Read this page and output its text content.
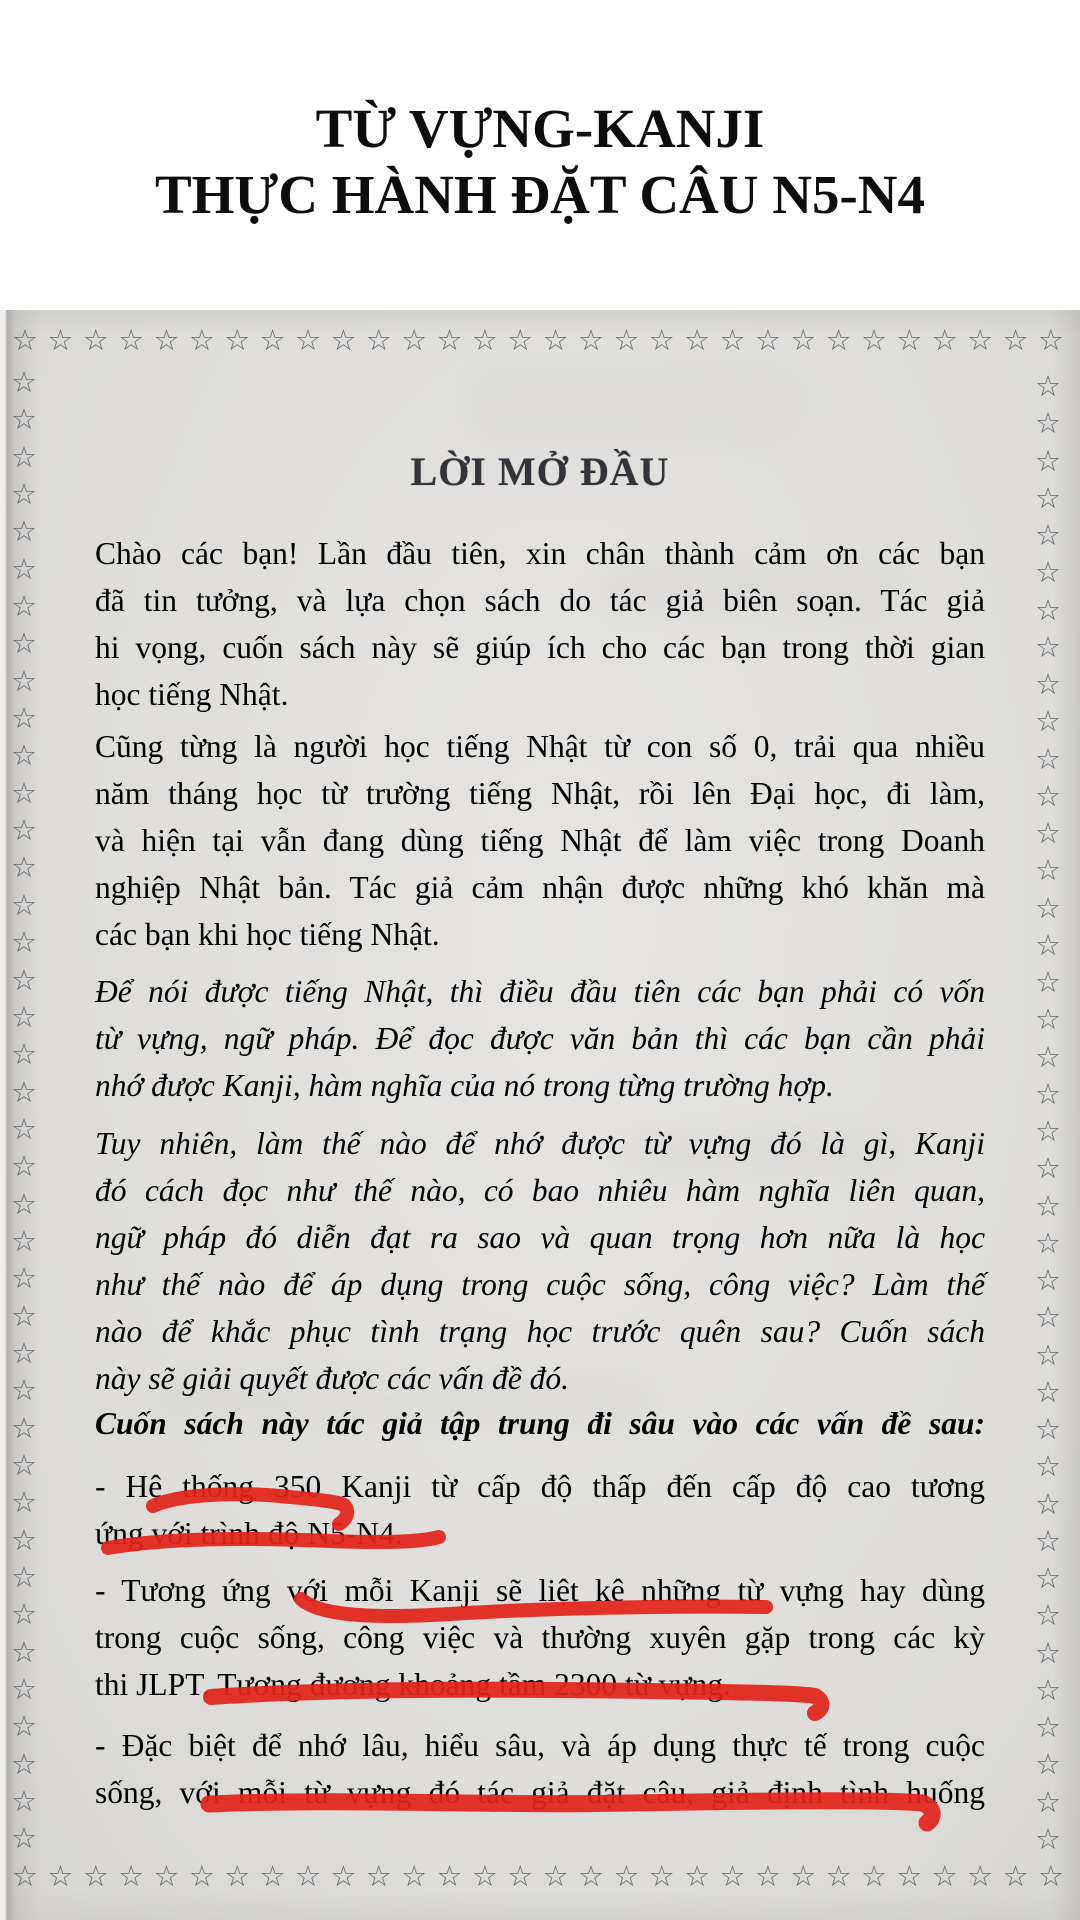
TỪ VỰNG-KANJI
THỰC HÀNH ĐẶT CÂU N5-N4
☆ ☆ ☆ ☆ ☆ ☆ ☆ ☆ ☆ ☆ ☆ ☆ ☆ ☆ ☆ ☆ ☆ ☆ ☆ ☆ ☆ ☆ ☆ ☆ ☆ ☆ ☆ ☆ ☆ ☆
☆ ☆ ☆ ☆ ☆ ☆ ☆ ☆ ☆ ☆ ☆ ☆ ☆ ☆ ☆ ☆ ☆ ☆ ☆ ☆ ☆ ☆ ☆ ☆ ☆ ☆ ☆ ☆ ☆ ☆
☆
☆
☆
☆
☆
☆
☆
☆
☆
☆
☆
☆
☆
☆
☆
☆
☆
☆
☆
☆
☆
☆
☆
☆
☆
☆
☆
☆
☆
☆
☆
☆
☆
☆
☆
☆
☆
☆
☆
☆
☆
☆
☆
☆
☆
☆
☆
☆
☆
☆
☆
☆
☆
☆
☆
☆
☆
☆
☆
☆
☆
☆
☆
☆
☆
☆
☆
☆
☆
☆
☆
☆
☆
☆
☆
☆
☆
☆
☆
☆
LỜI MỞ ĐẦU
Chào các bạn! Lần đầu tiên, xin chân thành cảm ơn các bạn
đã tin tưởng, và lựa chọn sách do tác giả biên soạn. Tác giả
hi vọng, cuốn sách này sẽ giúp ích cho các bạn trong thời gian
học tiếng Nhật.
Cũng từng là người học tiếng Nhật từ con số 0, trải qua nhiều
năm tháng học từ trường tiếng Nhật, rồi lên Đại học, đi làm,
và hiện tại vẫn đang dùng tiếng Nhật để làm việc trong Doanh
nghiệp Nhật bản. Tác giả cảm nhận được những khó khăn mà
các bạn khi học tiếng Nhật.
Để nói được tiếng Nhật, thì điều đầu tiên các bạn phải có vốn
từ vựng, ngữ pháp. Để đọc được văn bản thì các bạn cần phải
nhớ được Kanji, hàm nghĩa của nó trong từng trường hợp.
Tuy nhiên, làm thế nào để nhớ được từ vựng đó là gì, Kanji
đó cách đọc như thế nào, có bao nhiêu hàm nghĩa liên quan,
ngữ pháp đó diễn đạt ra sao và quan trọng hơn nữa là học
như thế nào để áp dụng trong cuộc sống, công việc? Làm thế
nào để khắc phục tình trạng học trước quên sau? Cuốn sách
này sẽ giải quyết được các vấn đề đó.
Cuốn sách này tác giả tập trung đi sâu vào các vấn đề sau:
- Hệ thống 350 Kanji từ cấp độ thấp đến cấp độ cao tương
ứng với trình độ N5-N4.
- Tương ứng với mỗi Kanji sẽ liệt kê những từ vựng hay dùng
trong cuộc sống, công việc và thường xuyên gặp trong các kỳ
thi JLPT. Tương đương khoảng tầm 2300 từ vựng.
- Đặc biệt để nhớ lâu, hiểu sâu, và áp dụng thực tế trong cuộc
sống, với mỗi từ vựng đó tác giả đặt câu, giả định tình huống
